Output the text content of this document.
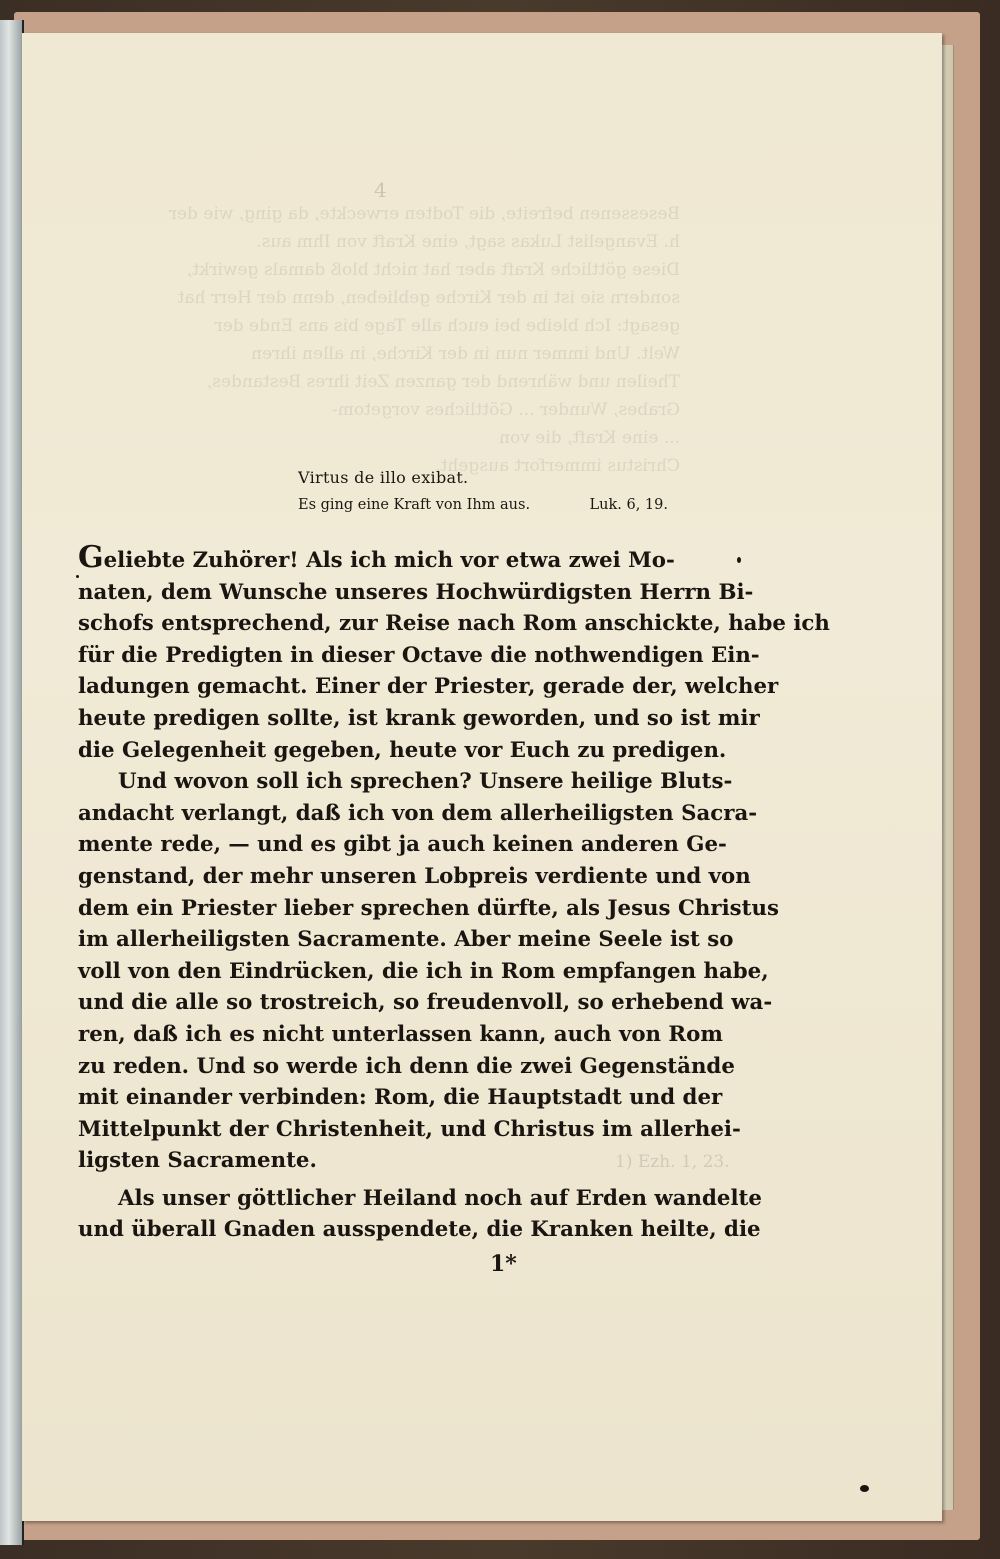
4
Besessenen befreite, die Todten erweckte, da ging, wie der
h. Evangelist Lukas sagt, eine Kraft von Ihm aus.
Diese göttliche Kraft aber hat nicht bloß damals gewirkt,
sondern sie ist in der Kirche geblieben, denn der Herr hat
gesagt: Ich bleibe bei euch alle Tage bis ans Ende der
Welt. Und immer nun in der Kirche, in allen ihren
Theilen und während der ganzen Zeit ihres Bestandes,
Grabes, Wunder ... Göttliches vorgetom-
... eine Kraft, die von
Christus immerfort ausgeht.
1) Ezh. 1, 23.
Virtus de illo exibat.
Es ging eine Kraft von Ihm aus.	Luk. 6, 19.
Geliebte Zuhörer! Als ich mich vor etwa zwei Mo-
naten, dem Wunsche unseres Hochwürdigsten Herrn Bi-
schofs entsprechend, zur Reise nach Rom anschickte, habe ich
für die Predigten in dieser Octave die nothwendigen Ein-
ladungen gemacht. Einer der Priester, gerade der, welcher
heute predigen sollte, ist krank geworden, und so ist mir
die Gelegenheit gegeben, heute vor Euch zu predigen.
Und wovon soll ich sprechen? Unsere heilige Bluts-
andacht verlangt, daß ich von dem allerheiligsten Sacra-
mente rede, — und es gibt ja auch keinen anderen Ge-
genstand, der mehr unseren Lobpreis verdiente und von
dem ein Priester lieber sprechen dürfte, als Jesus Christus
im allerheiligsten Sacramente. Aber meine Seele ist so
voll von den Eindrücken, die ich in Rom empfangen habe,
und die alle so trostreich, so freudenvoll, so erhebend wa-
ren, daß ich es nicht unterlassen kann, auch von Rom
zu reden. Und so werde ich denn die zwei Gegenstände
mit einander verbinden: Rom, die Hauptstadt und der
Mittelpunkt der Christenheit, und Christus im allerhei-
ligsten Sacramente.
Als unser göttlicher Heiland noch auf Erden wandelte
und überall Gnaden ausspendete, die Kranken heilte, die
1*
